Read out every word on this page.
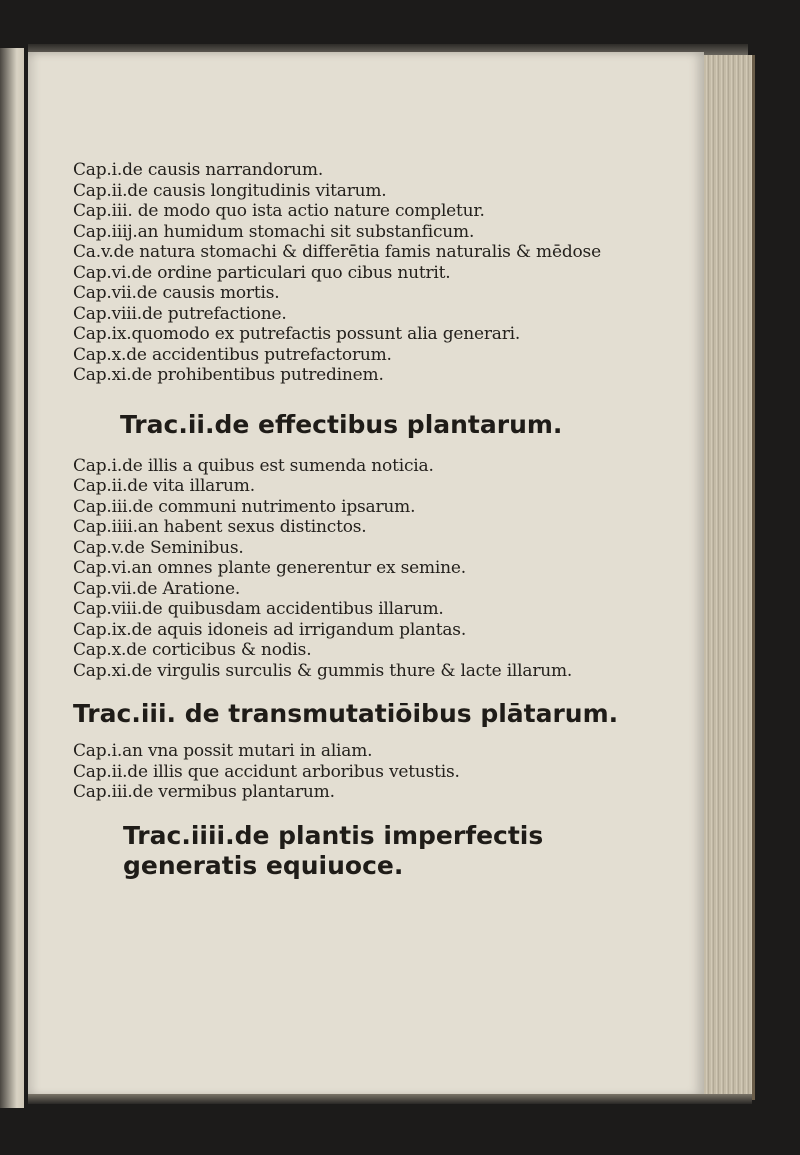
Cap.i.de causis narrandorum.
Cap.ii.de causis longitudinis vitarum.
Cap.iii. de modo quo ista actio nature completur.
Cap.iiij.an humidum stomachi sit substanficum.
Ca.v.de natura stomachi & differētia famis naturalis & mēdose
Cap.vi.de ordine particulari quo cibus nutrit.
Cap.vii.de causis mortis.
Cap.viii.de putrefactione.
Cap.ix.quomodo ex putrefactis possunt alia generari.
Cap.x.de accidentibus putrefactorum.
Cap.xi.de prohibentibus putredinem.
Trac.ii.de effectibus plantarum.
Cap.i.de illis a quibus est sumenda noticia.
Cap.ii.de vita illarum.
Cap.iii.de communi nutrimento ipsarum.
Cap.iiii.an habent sexus distinctos.
Cap.v.de Seminibus.
Cap.vi.an omnes plante generentur ex semine.
Cap.vii.de Aratione.
Cap.viii.de quibusdam accidentibus illarum.
Cap.ix.de aquis idoneis ad irrigandum plantas.
Cap.x.de corticibus & nodis.
Cap.xi.de virgulis surculis & gummis thure & lacte illarum.
Trac.iii. de transmutatiōibus plātarum.
Cap.i.an vna possit mutari in aliam.
Cap.ii.de illis que accidunt arboribus vetustis.
Cap.iii.de vermibus plantarum.
Trac.iiii.de plantis imperfectis
generatis equiuoce.
